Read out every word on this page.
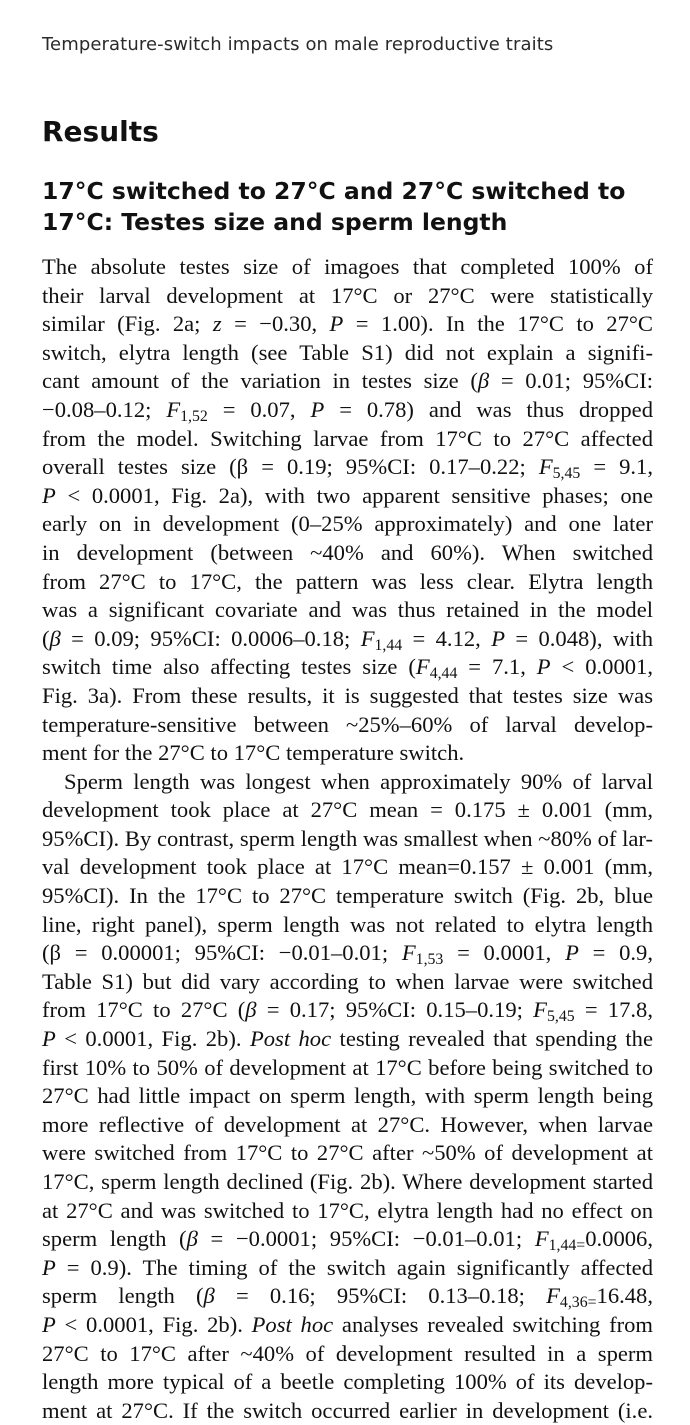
Temperature-switch impacts on male reproductive traits
Results
17°C switched to 27°C and 27°C switched to 17°C: Testes size and sperm length
The absolute testes size of imagoes that completed 100% of
their larval development at 17°C or 27°C were statistically
similar (Fig. 2a; z = −0.30, P = 1.00). In the 17°C to 27°C
switch, elytra length (see Table S1) did not explain a signifi-
cant amount of the variation in testes size (β = 0.01; 95%CI:
−0.08–0.12; $F_{1,52} = 0.07$, P = 0.78) and was thus dropped
from the model. Switching larvae from 17°C to 27°C affected
overall testes size (β = 0.19; 95%CI: 0.17–0.22; $F_{5,45} = 9.1$,
P < 0.0001, Fig. 2a), with two apparent sensitive phases; one
early on in development (0–25% approximately) and one later
in development (between ~40% and 60%). When switched
from 27°C to 17°C, the pattern was less clear. Elytra length
was a significant covariate and was thus retained in the model
(β = 0.09; 95%CI: 0.0006–0.18; $F_{1,44} = 4.12$, P = 0.048), with
switch time also affecting testes size ($F_{4,44} = 7.1$, P < 0.0001,
Fig. 3a). From these results, it is suggested that testes size was
temperature-sensitive between ~25%–60% of larval develop-
ment for the 27°C to 17°C temperature switch.
Sperm length was longest when approximately 90% of larval
development took place at 27°C mean = 0.175 ± 0.001 (mm,
95%CI). By contrast, sperm length was smallest when ~80% of lar-
val development took place at 17°C mean=0.157 ± 0.001 (mm,
95%CI). In the 17°C to 27°C temperature switch (Fig. 2b, blue
line, right panel), sperm length was not related to elytra length
(β = 0.00001; 95%CI: −0.01–0.01; $F_{1,53} = 0.0001$, P = 0.9,
Table S1) but did vary according to when larvae were switched
from 17°C to 27°C (β = 0.17; 95%CI: 0.15–0.19; $F_{5,45} = 17.8$,
P < 0.0001, Fig. 2b). Post hoc testing revealed that spending the
first 10% to 50% of development at 17°C before being switched to
27°C had little impact on sperm length, with sperm length being
more reflective of development at 27°C. However, when larvae
were switched from 17°C to 27°C after ~50% of development at
17°C, sperm length declined (Fig. 2b). Where development started
at 27°C and was switched to 17°C, elytra length had no effect on
sperm length (β = −0.0001; 95%CI: −0.01–0.01; $F_{1,44=}0.0006$,
P = 0.9). The timing of the switch again significantly affected
sperm length (β = 0.16; 95%CI: 0.13–0.18; $F_{4,36=}16.48$,
P < 0.0001, Fig. 2b). Post hoc analyses revealed switching from
27°C to 17°C after ~40% of development resulted in a sperm
length more typical of a beetle completing 100% of its develop-
ment at 27°C. If the switch occurred earlier in development (i.e.
